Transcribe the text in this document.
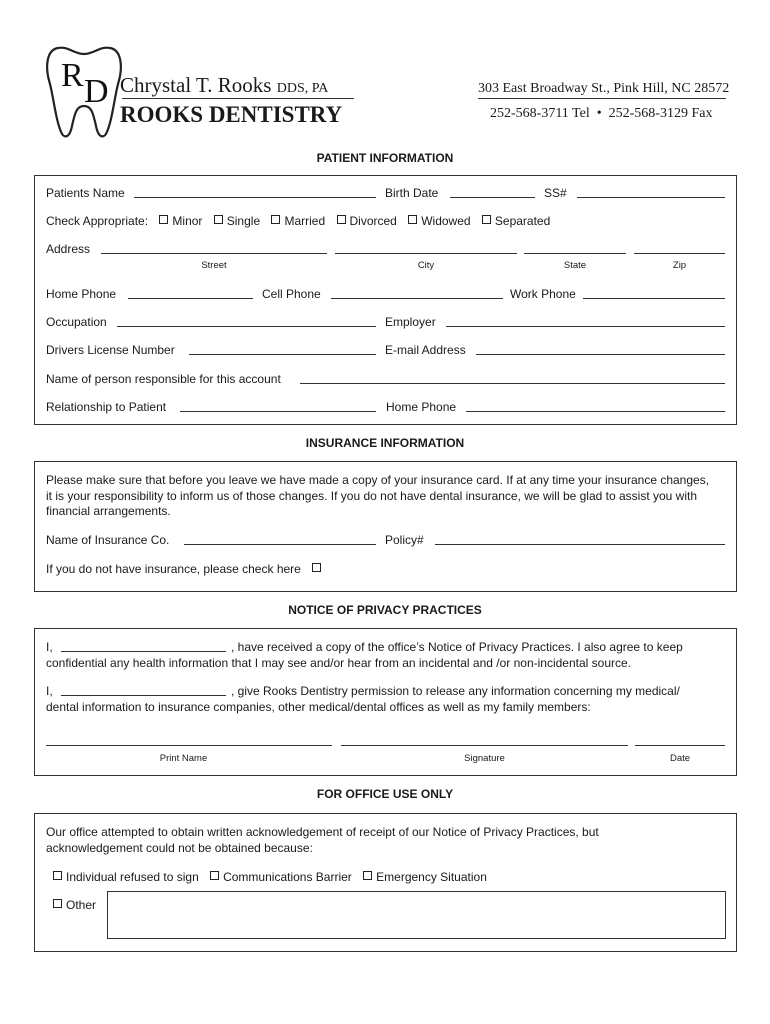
R D Chrystal T. Rooks DDS, PA
ROOKS DENTISTRY
303 East Broadway St., Pink Hill, NC 28572
252-568-3711 Tel  •  252-568-3129 Fax
PATIENT INFORMATION
Patients Name	Birth Date	SS#
Check Appropriate: Minor Single Married Divorced Widowed Separated
Address
Street	City	State	Zip
Home Phone	Cell Phone	Work Phone
Occupation	Employer
Drivers License Number	E-mail Address
Name of person responsible for this account
Relationship to Patient	Home Phone
INSURANCE INFORMATION
Please make sure that before you leave we have made a copy of your insurance card. If at any time your insurance changes, it is your responsibility to inform us of those changes. If you do not have dental insurance, we will be glad to assist you with financial arrangements.
Name of Insurance Co.	Policy#
If you do not have insurance, please check here
NOTICE OF PRIVACY PRACTICES
I,	, have received a copy of the office’s Notice of Privacy Practices. I also agree to keep
confidential any health information that I may see and/or hear from an incidental and /or non-incidental source.
I,	, give Rooks Dentistry permission to release any information concerning my medical/
dental information to insurance companies, other medical/dental offices as well as my family members:
Print Name	Signature	Date
FOR OFFICE USE ONLY
Our office attempted to obtain written acknowledgement of receipt of our Notice of Privacy Practices, but acknowledgement could not be obtained because:
Individual refused to sign Communications Barrier Emergency Situation
Other
